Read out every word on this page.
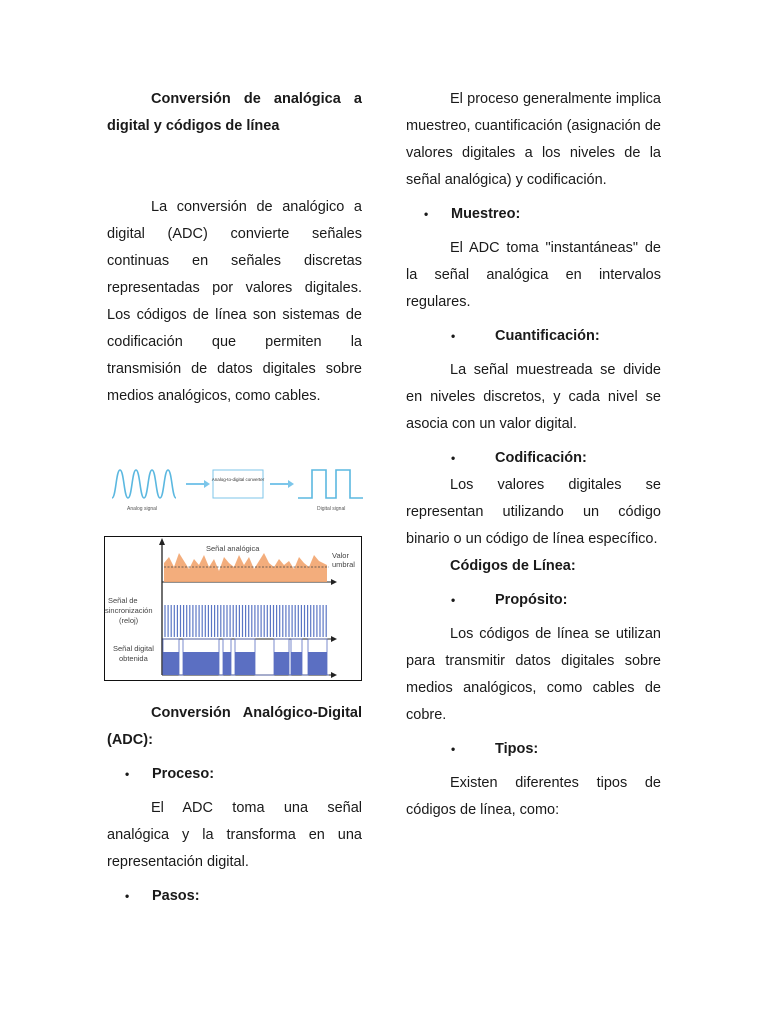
Conversión de analógica a digital y códigos de línea

La conversión de analógico a digital (ADC) convierte señales continuas en señales discretas representadas por valores digitales. Los códigos de línea son sistemas de codificación que permiten la transmisión de datos digitales sobre medios analógicos, como cables.

Analog signal
Analog-to-digital converter
Digital signal
Señal analógica
Valor
umbral
Señal de
sincronización
(reloj)
Señal digital
obtenida

Conversión Analógico-Digital (ADC):

• Proceso:

El ADC toma una señal analógica y la transforma en una representación digital.

• Pasos:

El proceso generalmente implica muestreo, cuantificación (asignación de valores digitales a los niveles de la señal analógica) y codificación.

• Muestreo:

El ADC toma "instantáneas" de la señal analógica en intervalos regulares.

•	Cuantificación:

La señal muestreada se divide en niveles discretos, y cada nivel se asocia con un valor digital.

•	Codificación:

Los valores digitales se representan utilizando un código binario o un código de línea específico.

Códigos de Línea:

•	Propósito:

Los códigos de línea se utilizan para transmitir datos digitales sobre medios analógicos, como cables de cobre.

•	Tipos:

Existen diferentes tipos de códigos de línea, como:
